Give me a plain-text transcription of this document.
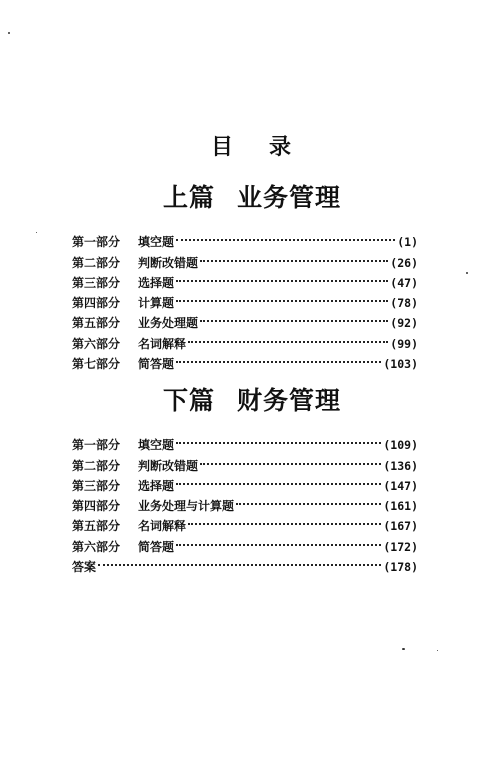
目 录
上篇 业务管理
第一部分	填空题	(1)
第二部分	判断改错题	(26)
第三部分	选择题	(47)
第四部分	计算题	(78)
第五部分	业务处理题	(92)
第六部分	名词解释	(99)
第七部分	简答题	(103)
下篇 财务管理
第一部分	填空题	(109)
第二部分	判断改错题	(136)
第三部分	选择题	(147)
第四部分	业务处理与计算题	(161)
第五部分	名词解释	(167)
第六部分	简答题	(172)
答案	(178)
